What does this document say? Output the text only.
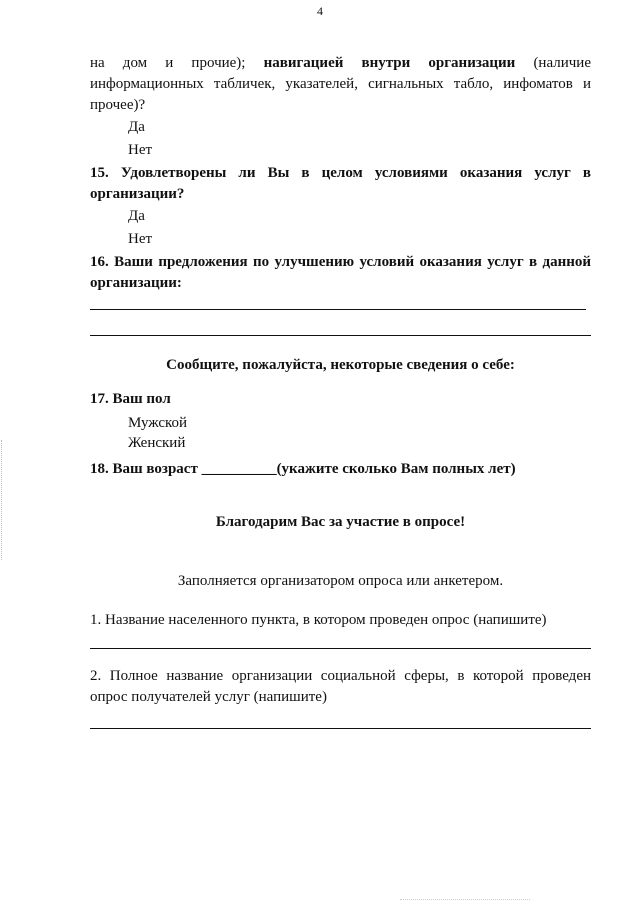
4
на дом и прочие); навигацией внутри организации (наличие информационных табличек, указателей, сигнальных табло, инфоматов и прочее)?
Да
Нет
15. Удовлетворены ли Вы в целом условиями оказания услуг в организации?
Да
Нет
16. Ваши предложения по улучшению условий оказания услуг в данной организации:
Сообщите, пожалуйста, некоторые сведения о себе:
17. Ваш пол
Мужской
Женский
18. Ваш возраст __________(укажите сколько Вам полных лет)
Благодарим Вас за участие в опросе!
Заполняется организатором опроса или анкетером.
1. Название населенного пункта, в котором проведен опрос (напишите)
2. Полное название организации социальной сферы, в которой проведен опрос получателей услуг (напишите)
